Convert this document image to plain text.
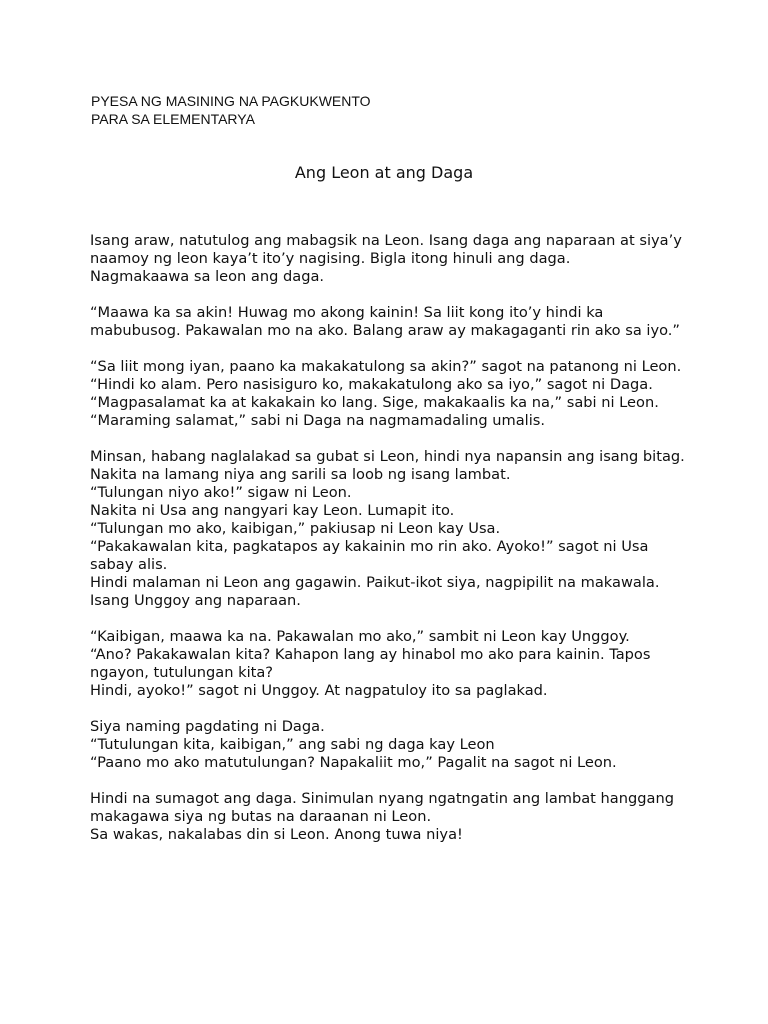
PYESA NG MASINING NA PAGKUKWENTO
PARA SA ELEMENTARYA
Ang Leon at ang Daga
Isang araw, natutulog ang mabagsik na Leon. Isang daga ang naparaan at siya’y naamoy ng leon kaya’t ito’y nagising. Bigla itong hinuli ang daga.
Nagmakaawa sa leon ang daga.
“Maawa ka sa akin! Huwag mo akong kainin! Sa liit kong ito’y hindi ka mabubusog. Pakawalan mo na ako. Balang araw ay makagaganti rin ako sa iyo.”
“Sa liit mong iyan, paano ka makakatulong sa akin?” sagot na patanong ni Leon.
“Hindi ko alam. Pero nasisiguro ko, makakatulong ako sa iyo,” sagot ni Daga.
“Magpasalamat ka at kakakain ko lang. Sige, makakaalis ka na,” sabi ni Leon.
“Maraming salamat,” sabi ni Daga na nagmamadaling umalis.
Minsan, habang naglalakad sa gubat si Leon, hindi nya napansin ang isang bitag. Nakita na lamang niya ang sarili sa loob ng isang lambat.
“Tulungan niyo ako!” sigaw ni Leon.
Nakita ni Usa ang nangyari kay Leon. Lumapit ito.
“Tulungan mo ako, kaibigan,” pakiusap ni Leon kay Usa.
“Pakakawalan kita, pagkatapos ay kakainin mo rin ako. Ayoko!” sagot ni Usa sabay alis.
Hindi malaman ni Leon ang gagawin. Paikut-ikot siya, nagpipilit na makawala. Isang Unggoy ang naparaan.
“Kaibigan, maawa ka na. Pakawalan mo ako,” sambit ni Leon kay Unggoy.
“Ano? Pakakawalan kita? Kahapon lang ay hinabol mo ako para kainin. Tapos ngayon, tutulungan kita?
Hindi, ayoko!” sagot ni Unggoy. At nagpatuloy ito sa paglakad.
Siya naming pagdating ni Daga.
“Tutulungan kita, kaibigan,” ang sabi ng daga kay Leon
“Paano mo ako matutulungan? Napakaliit mo,” Pagalit na sagot ni Leon.
Hindi na sumagot ang daga. Sinimulan nyang ngatngatin ang lambat hanggang makagawa siya ng butas na daraanan ni Leon.
Sa wakas, nakalabas din si Leon. Anong tuwa niya!
